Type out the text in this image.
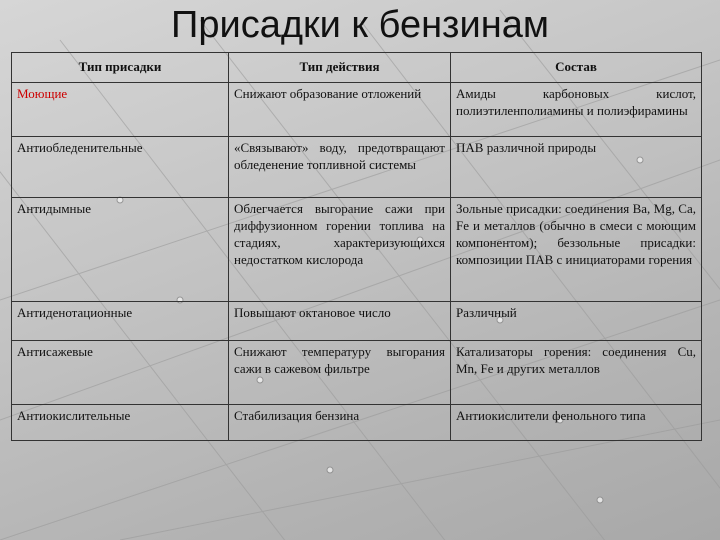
Присадки к бензинам
Тип присадки	Тип действия	Состав
Моющие	Снижают образование отложений	Амиды карбоновых кислот, полиэтиленполиамины и полиэфирамины
Антиобледенительные	«Связывают» воду, предотвращают обледенение топливной системы	ПАВ различной природы
Антидымные	Облегчается выгорание сажи при диффузионном горении топлива на стадиях, характеризующихся недостатком кислорода	Зольные присадки: соединения Ba, Mg, Ca, Fe и металлов (обычно в смеси с моющим компонентом); беззольные присадки: композиции ПАВ с инициаторами горения
Антиденотационные	Повышают октановое число	Различный
Антисажевые	Снижают температуру выгорания сажи в сажевом фильтре	Катализаторы горения: соединения Cu, Mn, Fe и других металлов
Антиокислительные	Стабилизация бензина	Антиокислители фенольного типа
